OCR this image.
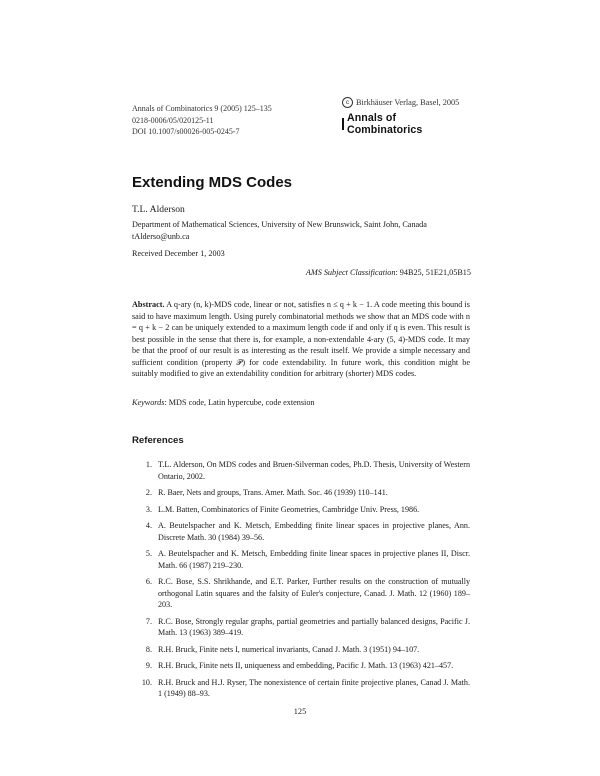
Annals of Combinatorics 9 (2005) 125–135
0218-0006/05/020125-11
DOI 10.1007/s00026-005-0245-7
c Birkhäuser Verlag, Basel, 2005
Annals of Combinatorics
Extending MDS Codes
T.L. Alderson
Department of Mathematical Sciences, University of New Brunswick, Saint John, Canada
tAlderso@unb.ca
Received December 1, 2003
AMS Subject Classification: 94B25, 51E21,05B15
Abstract. A q-ary (n, k)-MDS code, linear or not, satisfies n ≤ q + k − 1. A code meeting this bound is said to have maximum length. Using purely combinatorial methods we show that an MDS code with n = q + k − 2 can be uniquely extended to a maximum length code if and only if q is even. This result is best possible in the sense that there is, for example, a non-extendable 4-ary (5, 4)-MDS code. It may be that the proof of our result is as interesting as the result itself. We provide a simple necessary and sufficient condition (property 𝒫) for code extendability. In future work, this condition might be suitably modified to give an extendability condition for arbitrary (shorter) MDS codes.
Keywords: MDS code, Latin hypercube, code extension
References
1. T.L. Alderson, On MDS codes and Bruen-Silverman codes, Ph.D. Thesis, University of Western Ontario, 2002.
2. R. Baer, Nets and groups, Trans. Amer. Math. Soc. 46 (1939) 110–141.
3. L.M. Batten, Combinatorics of Finite Geometries, Cambridge Univ. Press, 1986.
4. A. Beutelspacher and K. Metsch, Embedding finite linear spaces in projective planes, Ann. Discrete Math. 30 (1984) 39–56.
5. A. Beutelspacher and K. Metsch, Embedding finite linear spaces in projective planes II, Discr. Math. 66 (1987) 219–230.
6. R.C. Bose, S.S. Shrikhande, and E.T. Parker, Further results on the construction of mutually orthogonal Latin squares and the falsity of Euler's conjecture, Canad. J. Math. 12 (1960) 189–203.
7. R.C. Bose, Strongly regular graphs, partial geometries and partially balanced designs, Pacific J. Math. 13 (1963) 389–419.
8. R.H. Bruck, Finite nets I, numerical invariants, Canad J. Math. 3 (1951) 94–107.
9. R.H. Bruck, Finite nets II, uniqueness and embedding, Pacific J. Math. 13 (1963) 421–457.
10. R.H. Bruck and H.J. Ryser, The nonexistence of certain finite projective planes, Canad J. Math. 1 (1949) 88–93.
125
